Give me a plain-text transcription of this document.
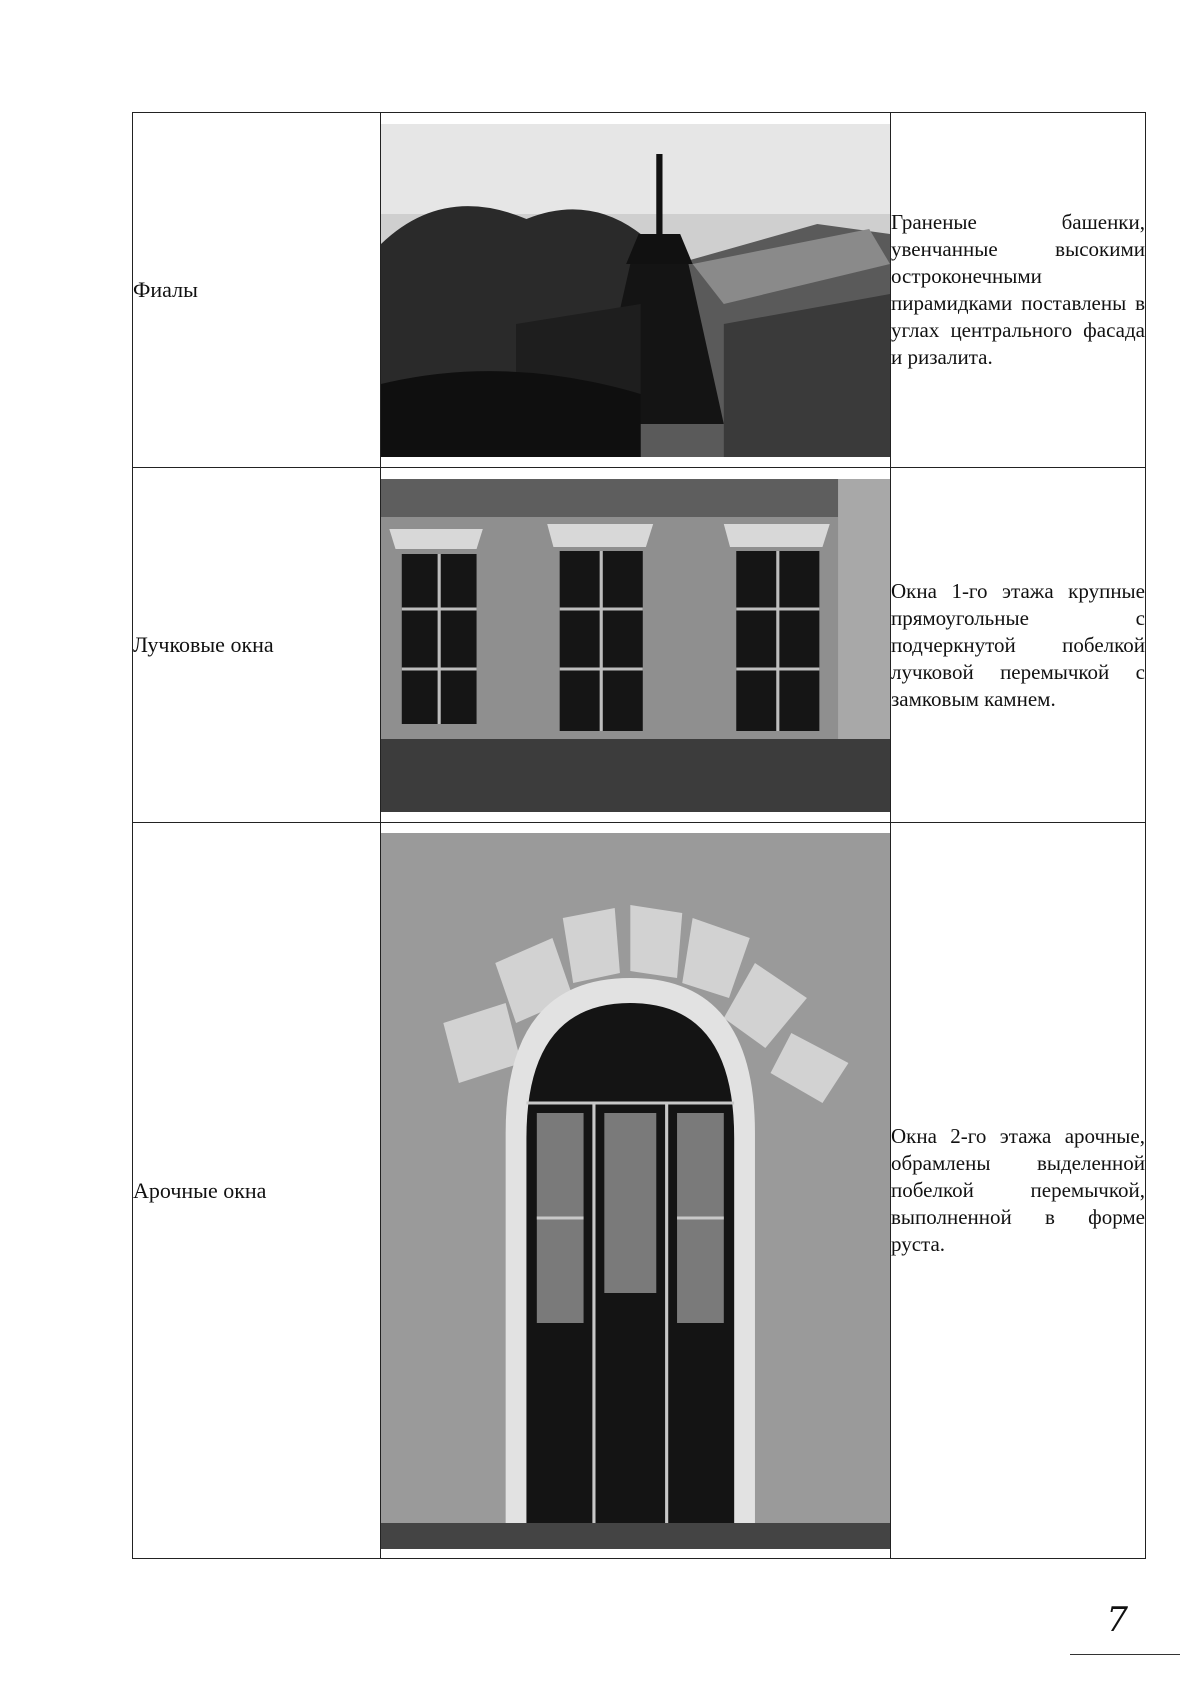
Фиалы		Граненые башенки, увенчанные высокими остроконечными пирамидками поставлены в углах центрального фасада и ризалита.

Лучковые окна		Окна 1-го этажа крупные прямоугольные с подчеркнутой побелкой лучковой перемычкой с замковым камнем.

Арочные окна		Окна 2-го этажа арочные, обрамлены выделенной побелкой перемычкой, выполненной в форме руста.
7
